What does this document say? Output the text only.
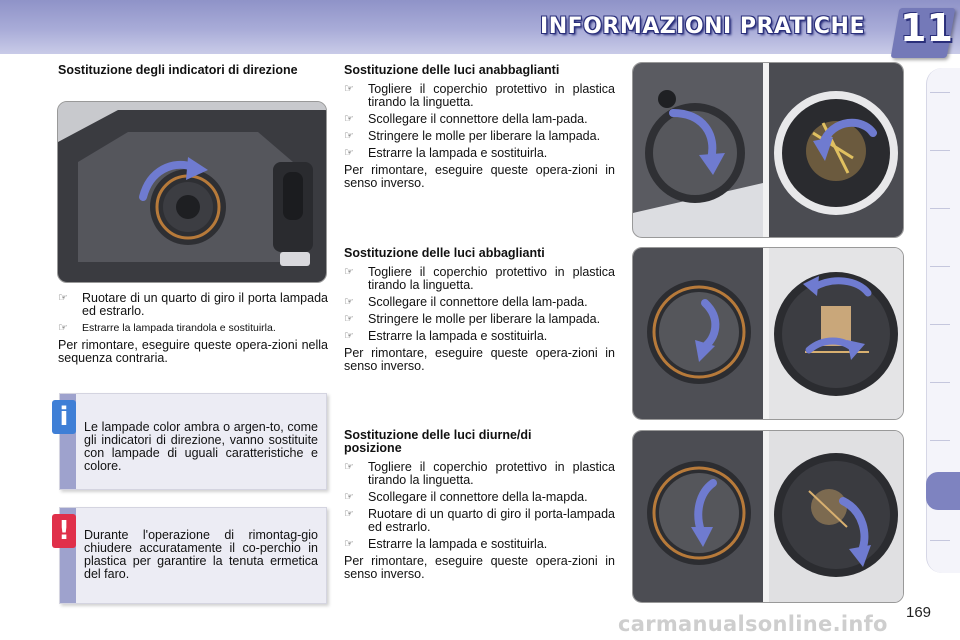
INFORMAZIONI PRATICHE 11
Sostituzione degli indicatori di direzione
☞ Ruotare di un quarto di giro il porta lampada ed estrarlo.
☞ Estrarre la lampada tirandola e sostituirla.
Per rimontare, eseguire queste opera-zioni nella sequenza contraria.
Le lampade color ambra o argen-to, come gli indicatori di direzione, vanno sostituite con lampade di uguali caratteristiche e colore.
i
Durante l'operazione di rimontag-gio chiudere accuratamente il co-perchio in plastica per garantire la tenuta ermetica del faro.
!
Sostituzione delle luci anabbaglianti
☞ Togliere il coperchio protettivo in plastica tirando la linguetta.
☞ Scollegare il connettore della lam-pada.
☞ Stringere le molle per liberare la lampada.
☞ Estrarre la lampada e sostituirla.
Per rimontare, eseguire queste opera-zioni in senso inverso.
Sostituzione delle luci abbaglianti
☞ Togliere il coperchio protettivo in plastica tirando la linguetta.
☞ Scollegare il connettore della lam-pada.
☞ Stringere le molle per liberare la lampada.
☞ Estrarre la lampada e sostituirla.
Per rimontare, eseguire queste opera-zioni in senso inverso.
Sostituzione delle luci diurne/di posizione
☞ Togliere il coperchio protettivo in plastica tirando la linguetta.
☞ Scollegare il connettore della la-mapda.
☞ Ruotare di un quarto di giro il porta-lampada ed estrarlo.
☞ Estrarre la lampada e sostituirla.
Per rimontare, eseguire queste opera-zioni in senso inverso.
169
carmanualsonline.info
